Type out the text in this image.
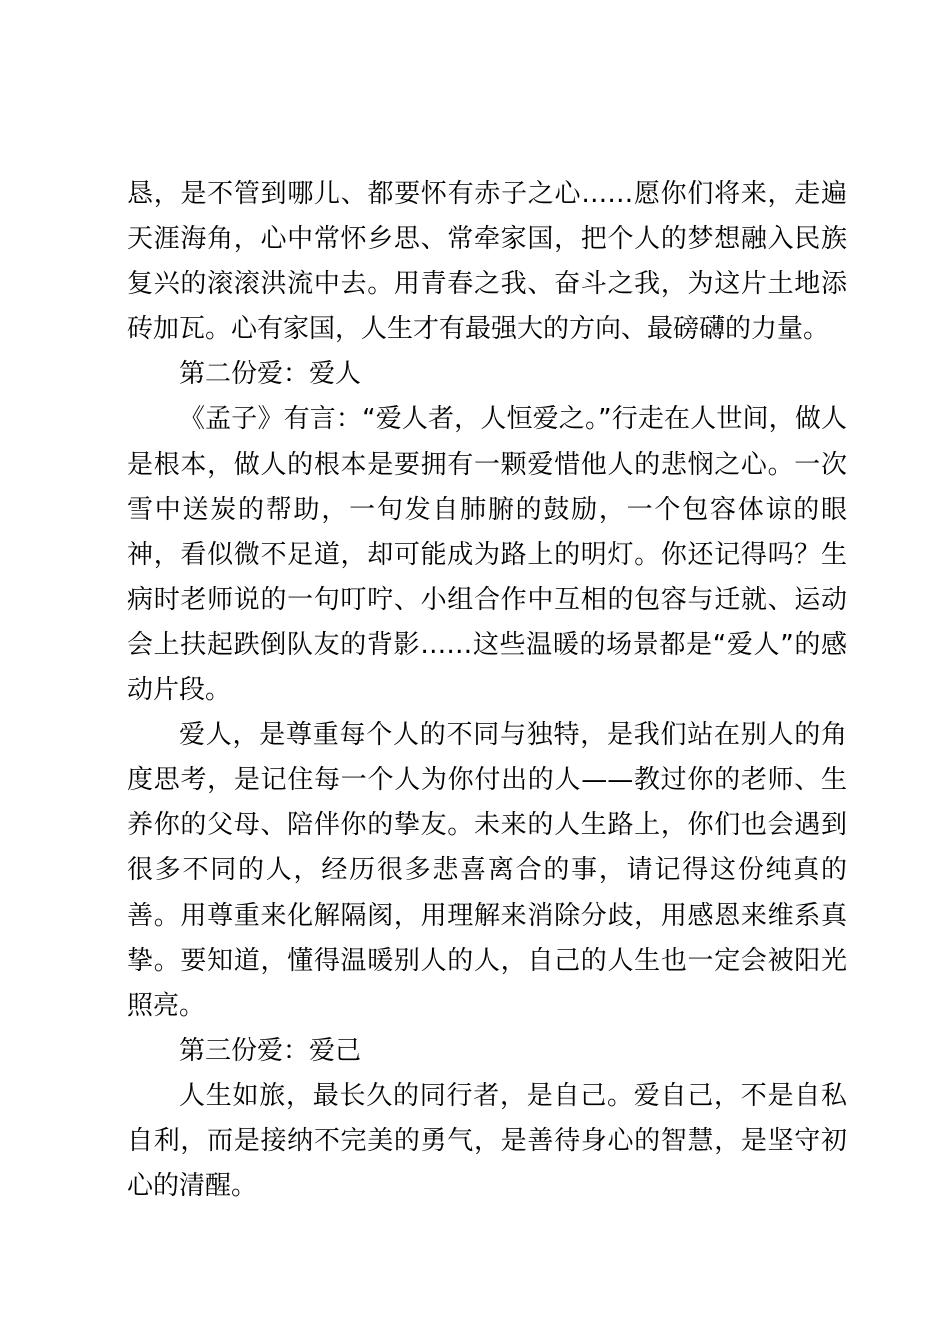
恳，是不管到哪儿、都要怀有赤子之心……愿你们将来，走遍天涯海角，心中常怀乡思、常牵家国，把个人的梦想融入民族复兴的滚滚洪流中去。用青春之我、奋斗之我，为这片土地添砖加瓦。心有家国，人生才有最强大的方向、最磅礴的力量。

第二份爱：爱人

《孟子》有言：“爱人者，人恒爱之。”行走在人世间，做人是根本，做人的根本是要拥有一颗爱惜他人的悲悯之心。一次雪中送炭的帮助，一句发自肺腑的鼓励，一个包容体谅的眼神，看似微不足道，却可能成为路上的明灯。你还记得吗？生病时老师说的一句叮咛、小组合作中互相的包容与迁就、运动会上扶起跌倒队友的背影……这些温暖的场景都是“爱人”的感动片段。

爱人，是尊重每个人的不同与独特，是我们站在别人的角度思考，是记住每一个人为你付出的人——教过你的老师、生养你的父母、陪伴你的挚友。未来的人生路上，你们也会遇到很多不同的人，经历很多悲喜离合的事，请记得这份纯真的善。用尊重来化解隔阂，用理解来消除分歧，用感恩来维系真挚。要知道，懂得温暖别人的人，自己的人生也一定会被阳光照亮。

第三份爱：爱己

人生如旅，最长久的同行者，是自己。爱自己，不是自私自利，而是接纳不完美的勇气，是善待身心的智慧，是坚守初心的清醒。
